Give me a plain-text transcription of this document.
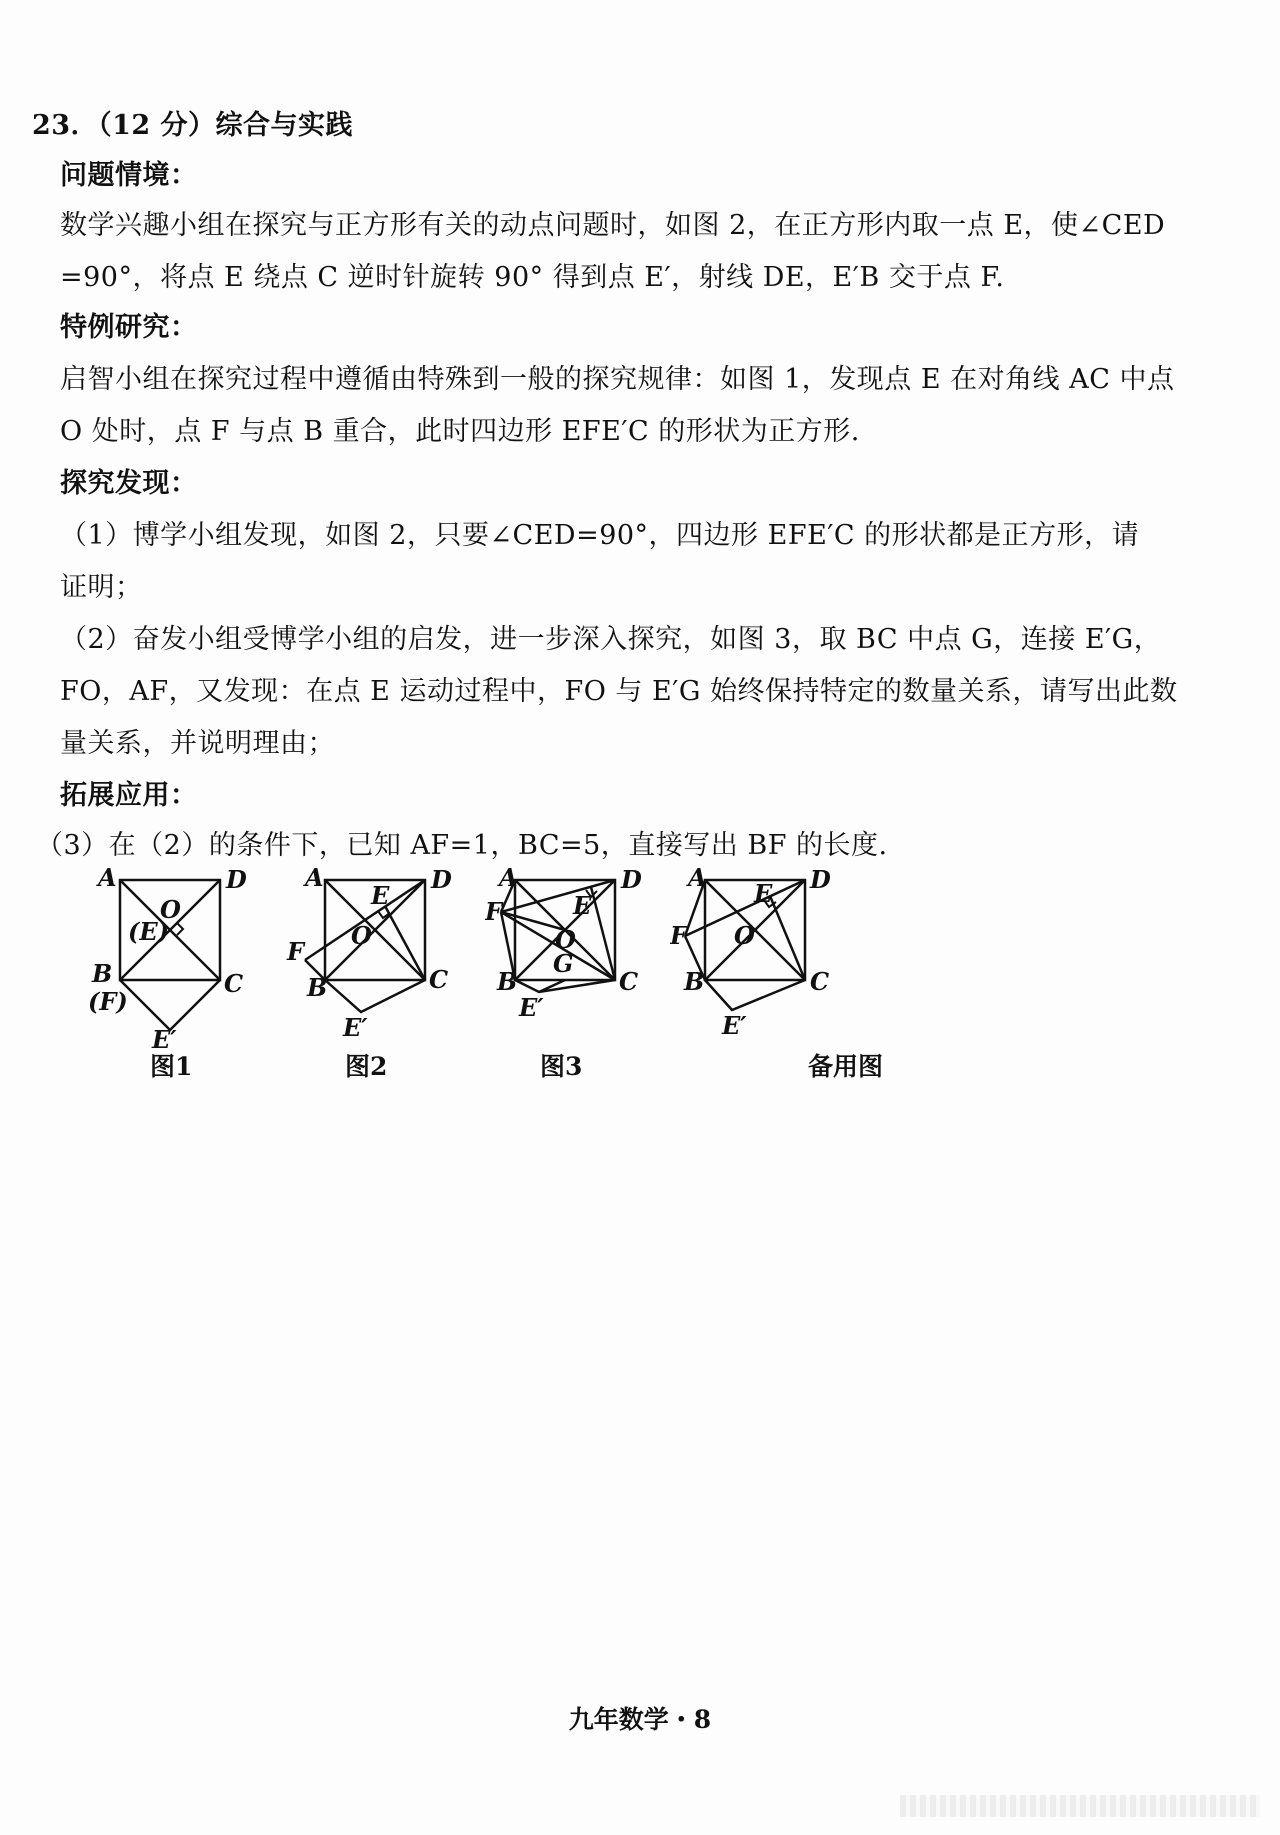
23．（12 分）综合与实践
问题情境：
数学兴趣小组在探究与正方形有关的动点问题时，如图 2，在正方形内取一点 E，使∠CED
=90°，将点 E 绕点 C 逆时针旋转 90° 得到点 E′，射线 DE，E′B 交于点 F.
特例研究：
启智小组在探究过程中遵循由特殊到一般的探究规律：如图 1，发现点 E 在对角线 AC 中点
O 处时，点 F 与点 B 重合，此时四边形 EFE′C 的形状为正方形.
探究发现：
（1）博学小组发现，如图 2，只要∠CED=90°，四边形 EFE′C 的形状都是正方形，请
证明；
（2）奋发小组受博学小组的启发，进一步深入探究，如图 3，取 BC 中点 G，连接 E′G，
FO，AF，又发现：在点 E 运动过程中，FO 与 E′G 始终保持特定的数量关系，请写出此数
量关系，并说明理由；
拓展应用：
（3）在（2）的条件下，已知 AF=1，BC=5，直接写出 BF 的长度.
A	D
O
(E)
B
(F)
C
E′
图1
A	D
E
O
F
B	C
E′
图2
A	D
F	E
O
G
B	C
E′
图3
A	D
E
F O
B	C
E′
备用图
九年数学・8
